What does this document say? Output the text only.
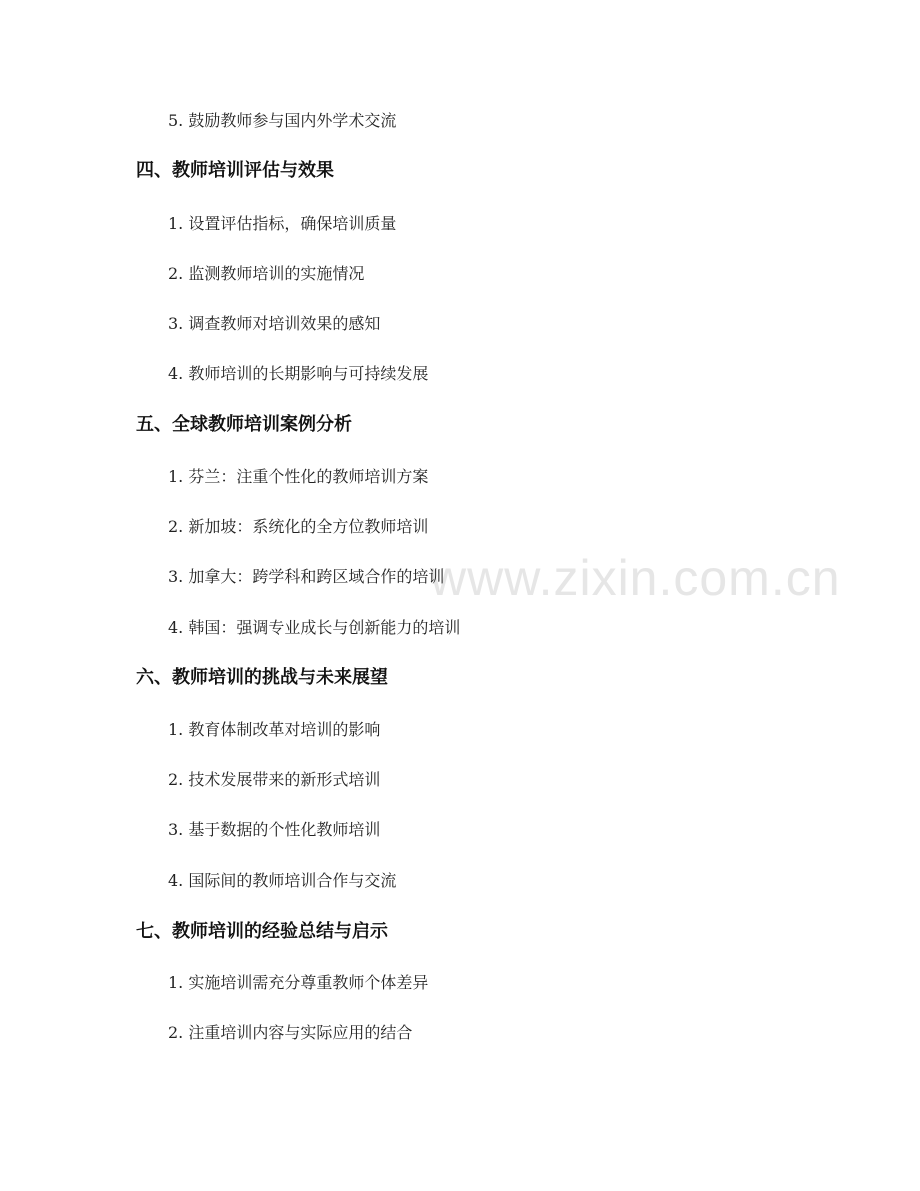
www.zixin.com.cn
5. 鼓励教师参与国内外学术交流
四、教师培训评估与效果
1. 设置评估指标，确保培训质量
2. 监测教师培训的实施情况
3. 调查教师对培训效果的感知
4. 教师培训的长期影响与可持续发展
五、全球教师培训案例分析
1. 芬兰：注重个性化的教师培训方案
2. 新加坡：系统化的全方位教师培训
3. 加拿大：跨学科和跨区域合作的培训
4. 韩国：强调专业成长与创新能力的培训
六、教师培训的挑战与未来展望
1. 教育体制改革对培训的影响
2. 技术发展带来的新形式培训
3. 基于数据的个性化教师培训
4. 国际间的教师培训合作与交流
七、教师培训的经验总结与启示
1. 实施培训需充分尊重教师个体差异
2. 注重培训内容与实际应用的结合
